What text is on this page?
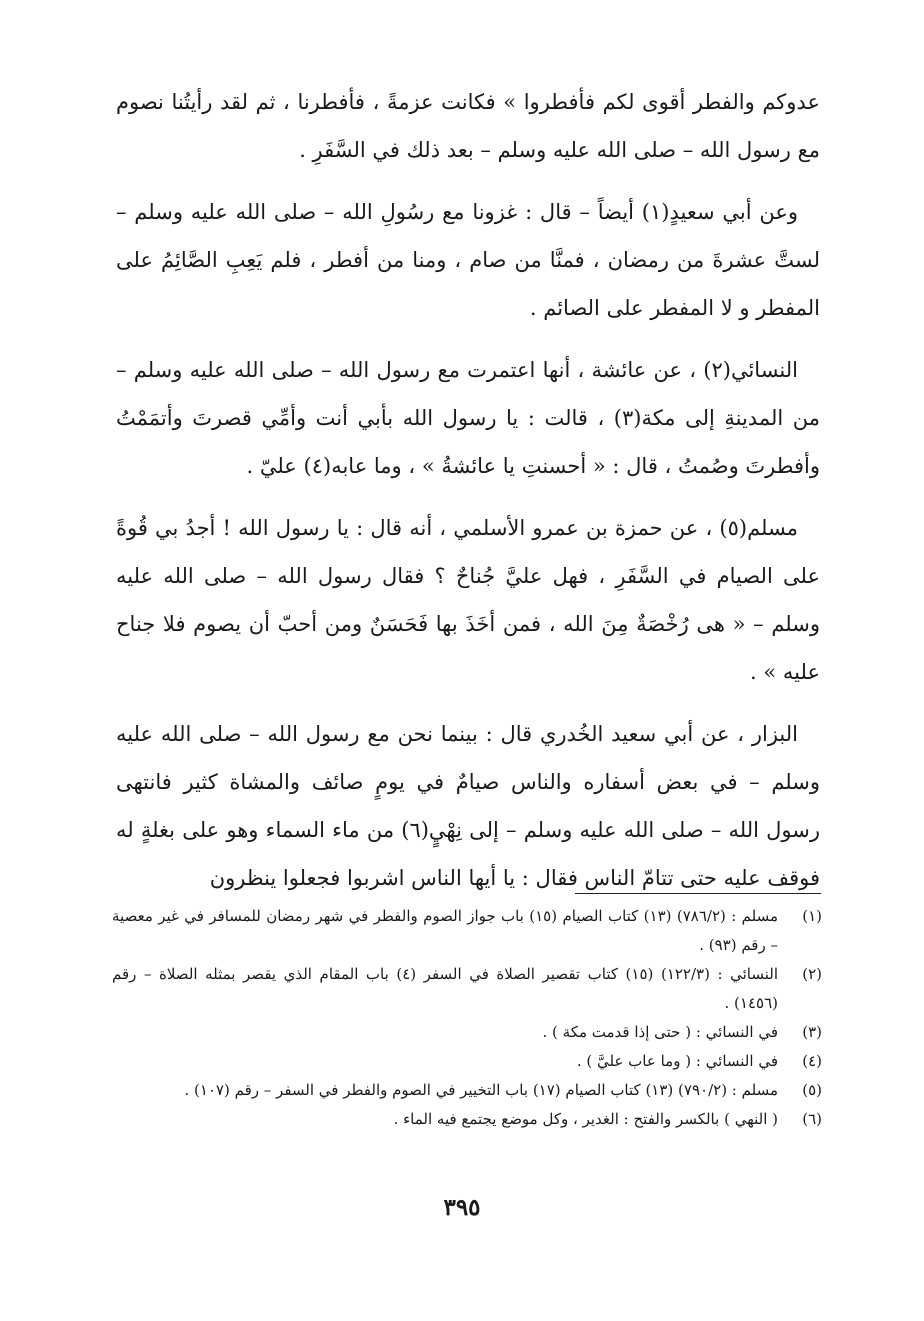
عدوكم والفطر أقوى لكم فأفطروا » فكانت عزمةً ، فأفطرنا ، ثم لقد رأيتُنا نصوم مع رسول الله – صلى الله عليه وسلم – بعد ذلك في السَّفَرِ .

وعن أبي سعيدٍ(١) أيضاً – قال : غزونا مع رسُولِ الله – صلى الله عليه وسلم – لستَّ عشرةَ من رمضان ، فمنَّا من صام ، ومنا من أفطر ، فلم يَعِبِ الصَّائِمُ على المفطر و لا المفطر على الصائم .

النسائي(٢) ، عن عائشة ، أنها اعتمرت مع رسول الله – صلى الله عليه وسلم – من المدينةِ إلى مكة(٣) ، قالت : يا رسول الله بأبي أنت وأمِّي قصرتَ وأتمَمْتُ وأفطرتَ وصُمتُ ، قال : « أحسنتِ يا عائشةُ » ، وما عابه(٤) عليّ .

مسلم(٥) ، عن حمزة بن عمرو الأسلمي ، أنه قال : يا رسول الله ! أجدُ بي قُوةً على الصيام في السَّفَرِ ، فهل عليَّ جُناحٌ ؟ فقال رسول الله – صلى الله عليه وسلم – « هى رُخْصَةٌ مِنَ الله ، فمن أخَذَ بها فَحَسَنٌ ومن أحبّ أن يصوم فلا جناح عليه » .

البزار ، عن أبي سعيد الخُدري قال : بينما نحن مع رسول الله – صلى الله عليه وسلم – في بعض أسفاره والناس صيامٌ في يومٍ صائف والمشاة كثير فانتهى رسول الله – صلى الله عليه وسلم – إلى نِهْيٍ(٦) من ماء السماء وهو على بغلةٍ له فوقف عليه حتى تتامّ الناس فقال : يا أيها الناس اشربوا فجعلوا ينظرون

(١)
مسلم : (٧٨٦/٢) (١٣) كتاب الصيام (١٥) باب جواز الصوم والفطر في شهر رمضان للمسافر في غير معصية – رقم (٩٣) .
(٢)
النسائي : (١٢٢/٣) (١٥) كتاب تقصير الصلاة في السفر (٤) باب المقام الذي يقصر بمثله الصلاة – رقم (١٤٥٦) .
(٣)
في النسائي : ( حتى إذا قدمت مكة ) .
(٤)
في النسائي : ( وما عاب عليَّ ) .
(٥)
مسلم : (٧٩٠/٢) (١٣) كتاب الصيام (١٧) باب التخيير في الصوم والفطر في السفر – رقم (١٠٧) .
(٦)
( النهي ) بالكسر والفتح : الغدير ، وكل موضع يجتمع فيه الماء .
٣٩٥
